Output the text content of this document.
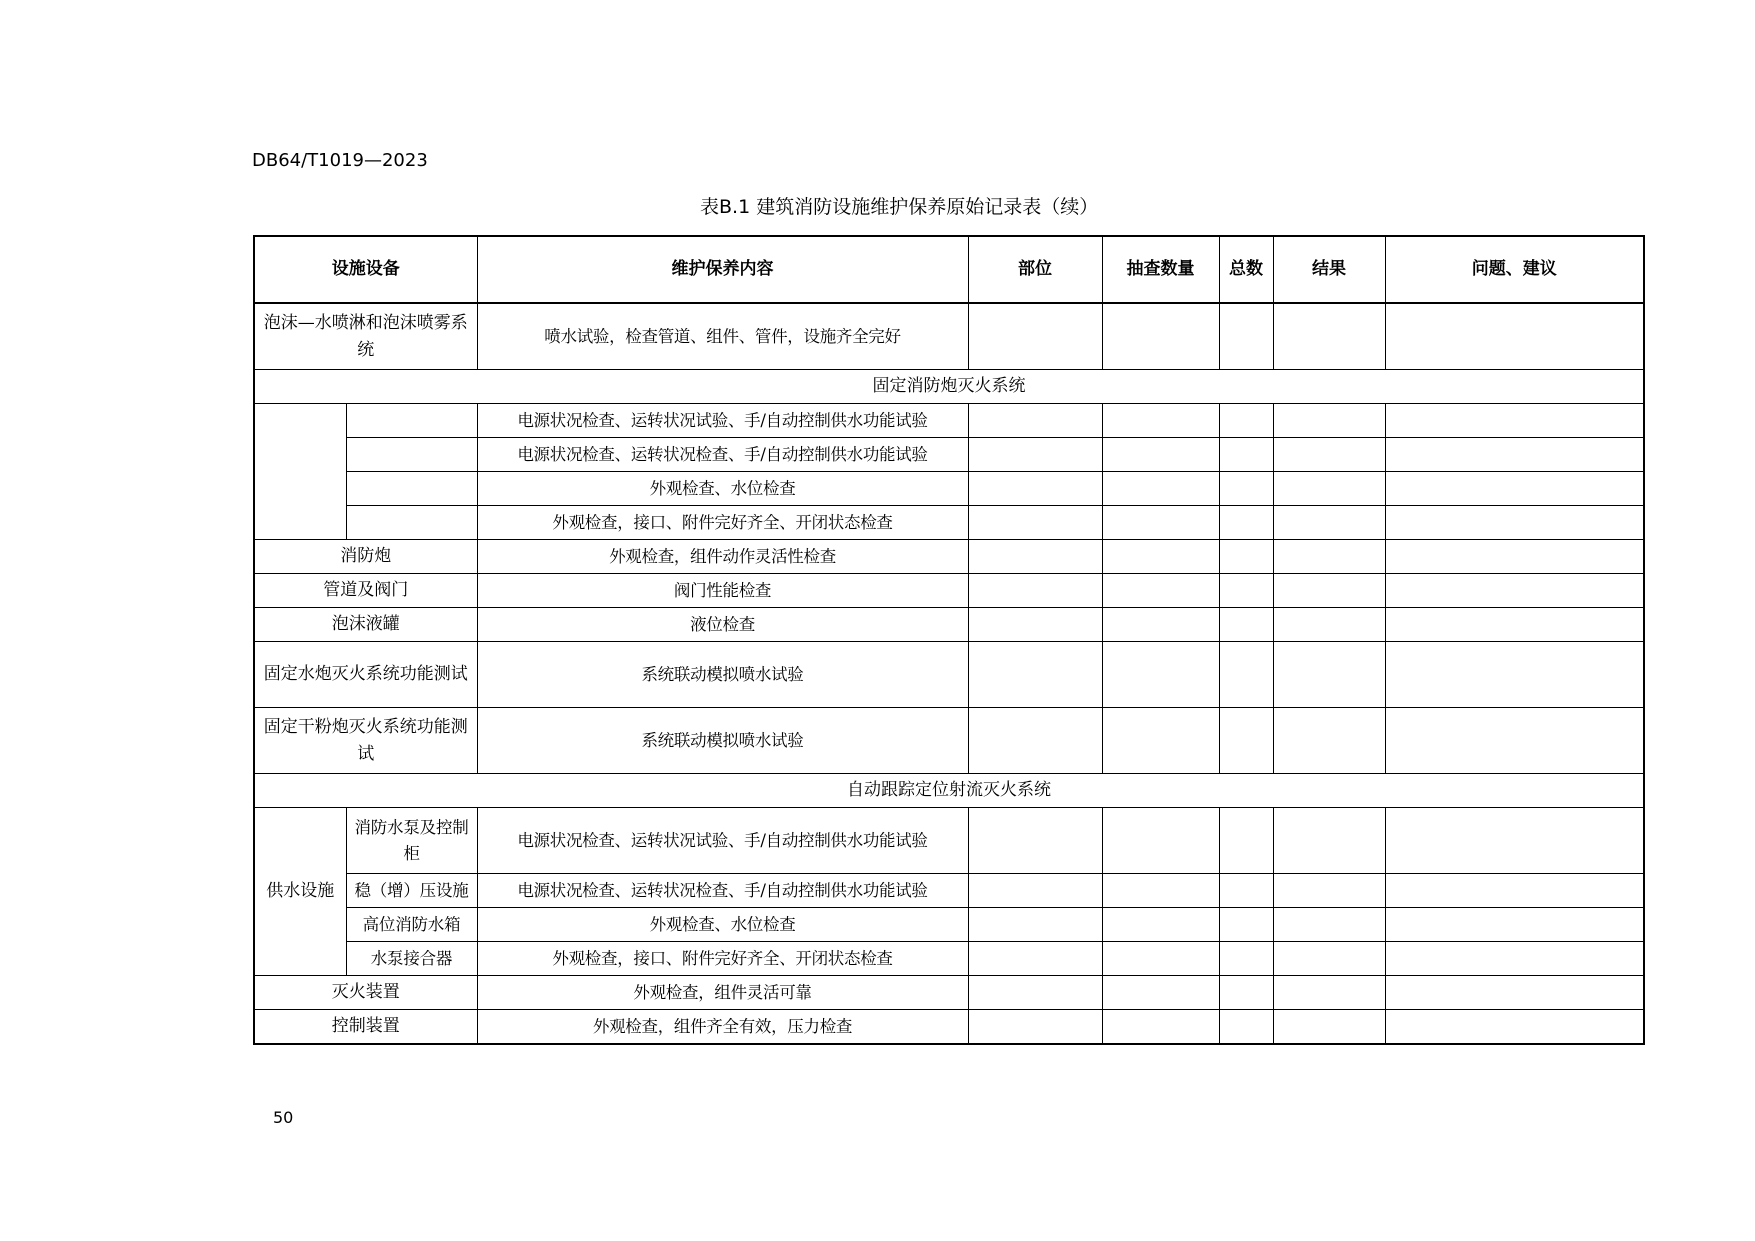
DB64/T1019—2023
表B.1 建筑消防设施维护保养原始记录表（续）
设施设备		维护保养内容	部位	抽查数量	总数	结果	问题、建议
泡沫—水喷淋和泡沫喷雾系统		喷水试验，检查管道、组件、管件，设施齐全完好					
固定消防炮灭火系统							
		电源状况检查、运转状况试验、手/自动控制供水功能试验					
		电源状况检查、运转状况检查、手/自动控制供水功能试验					
		外观检查、水位检查					
		外观检查，接口、附件完好齐全、开闭状态检查					
消防炮		外观检查，组件动作灵活性检查					
管道及阀门		阀门性能检查					
泡沫液罐		液位检查					
固定水炮灭火系统功能测试		系统联动模拟喷水试验					
固定干粉炮灭火系统功能测试		系统联动模拟喷水试验					
自动跟踪定位射流灭火系统							
供水设施	消防水泵及控制柜	电源状况检查、运转状况试验、手/自动控制供水功能试验					
	稳（增）压设施	电源状况检查、运转状况检查、手/自动控制供水功能试验					
	高位消防水箱	外观检查、水位检查					
	水泵接合器	外观检查，接口、附件完好齐全、开闭状态检查					
灭火装置		外观检查，组件灵活可靠					
控制装置		外观检查，组件齐全有效，压力检查					
50
